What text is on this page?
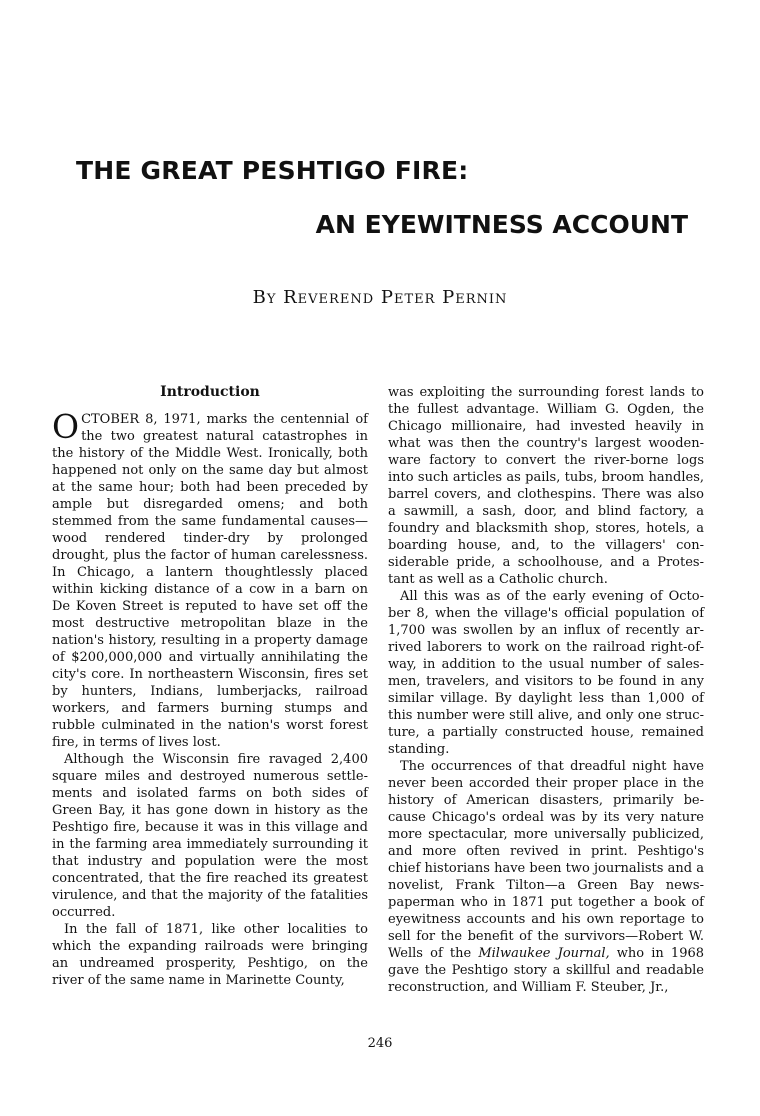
THE GREAT PESHTIGO FIRE:
AN EYEWITNESS ACCOUNT

By Reverend Peter Pernin

Introduction

OCTOBER 8, 1971, marks the centennial of the two greatest natural catastrophes in the history of the Middle West. Ironically, both happened not only on the same day but almost at the same hour; both had been preceded by ample but disregarded omens; and both stemmed from the same fundamental causes—wood rendered tinder-dry by prolonged drought, plus the factor of human carelessness. In Chicago, a lantern thoughtlessly placed within kicking distance of a cow in a barn on De Koven Street is reputed to have set off the most destructive metropolitan blaze in the nation's history, resulting in a property damage of $200,000,000 and virtually annihilating the city's core. In northeastern Wisconsin, fires set by hunters, Indians, lumberjacks, railroad workers, and farmers burning stumps and rubble culminated in the nation's worst forest fire, in terms of lives lost.

Although the Wisconsin fire ravaged 2,400 square miles and destroyed numerous settlements and isolated farms on both sides of Green Bay, it has gone down in history as the Peshtigo fire, because it was in this village and in the farming area immediately surrounding it that industry and population were the most concentrated, that the fire reached its greatest virulence, and that the majority of the fatalities occurred.

In the fall of 1871, like other localities to which the expanding railroads were bringing an undreamed prosperity, Peshtigo, on the river of the same name in Marinette County,

was exploiting the surrounding forest lands to the fullest advantage. William G. Ogden, the Chicago millionaire, had invested heavily in what was then the country's largest woodenware factory to convert the river-borne logs into such articles as pails, tubs, broom handles, barrel covers, and clothespins. There was also a sawmill, a sash, door, and blind factory, a foundry and blacksmith shop, stores, hotels, a boarding house, and, to the villagers' considerable pride, a schoolhouse, and a Protestant as well as a Catholic church.

All this was as of the early evening of October 8, when the village's official population of 1,700 was swollen by an influx of recently arrived laborers to work on the railroad right-of-way, in addition to the usual number of salesmen, travelers, and visitors to be found in any similar village. By daylight less than 1,000 of this number were still alive, and only one structure, a partially constructed house, remained standing.

The occurrences of that dreadful night have never been accorded their proper place in the history of American disasters, primarily because Chicago's ordeal was by its very nature more spectacular, more universally publicized, and more often revived in print. Peshtigo's chief historians have been two journalists and a novelist, Frank Tilton—a Green Bay newspaperman who in 1871 put together a book of eyewitness accounts and his own reportage to sell for the benefit of the survivors—Robert W. Wells of the Milwaukee Journal, who in 1968 gave the Peshtigo story a skillful and readable reconstruction, and William F. Steuber, Jr.,

246
